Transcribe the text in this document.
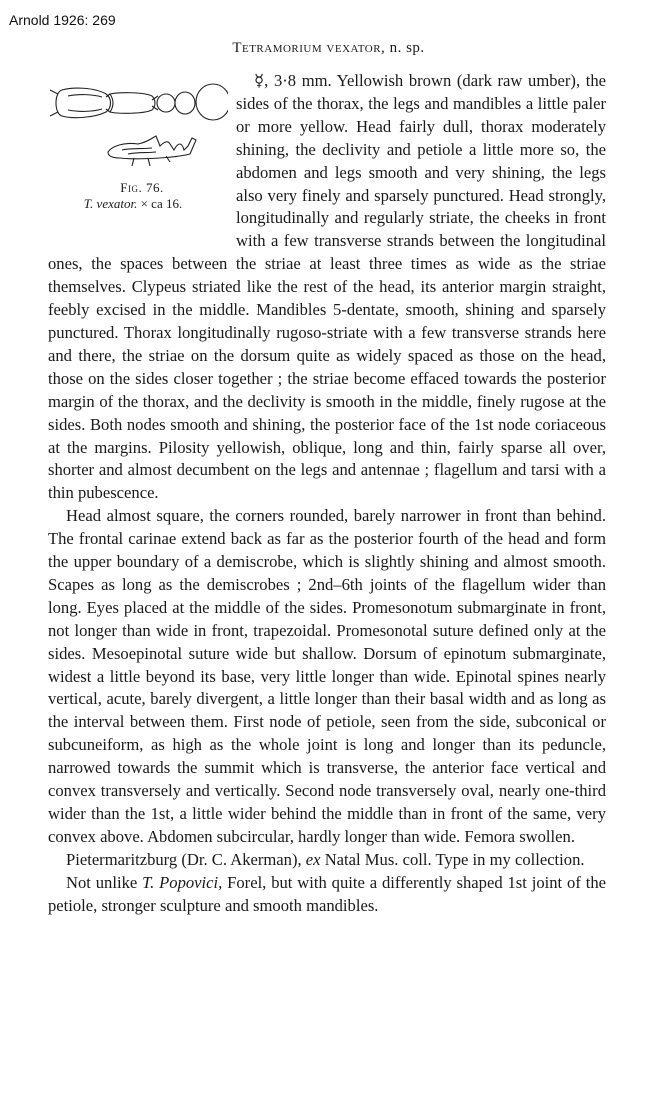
Arnold 1926: 269
Tetramorium vexator, n. sp.

Fig. 76.
T. vexator. × ca 16.
☿, 3·8 mm. Yellowish brown (dark raw umber), the sides of the thorax, the legs and mandibles a little paler or more yellow. Head fairly dull, thorax moderately shining, the declivity and petiole a little more so, the abdomen and legs smooth and very shining, the legs also very finely and sparsely punctured. Head strongly, longitudinally and regularly striate, the cheeks in front with a few transverse strands between the longitudinal ones, the spaces between the striae at least three times as wide as the striae themselves. Clypeus striated like the rest of the head, its anterior margin straight, feebly excised in the middle. Mandibles 5-dentate, smooth, shining and sparsely punctured. Thorax longitudinally rugoso-striate with a few transverse strands here and there, the striae on the dorsum quite as widely spaced as those on the head, those on the sides closer together ; the striae become effaced towards the posterior margin of the thorax, and the declivity is smooth in the middle, finely rugose at the sides. Both nodes smooth and shining, the posterior face of the 1st node coriaceous at the margins. Pilosity yellowish, oblique, long and thin, fairly sparse all over, shorter and almost decumbent on the legs and antennae ; flagellum and tarsi with a thin pubescence.

Head almost square, the corners rounded, barely narrower in front than behind. The frontal carinae extend back as far as the posterior fourth of the head and form the upper boundary of a demiscrobe, which is slightly shining and almost smooth. Scapes as long as the demiscrobes ; 2nd–6th joints of the flagellum wider than long. Eyes placed at the middle of the sides. Promesonotum submarginate in front, not longer than wide in front, trapezoidal. Promesonotal suture defined only at the sides. Mesoepinotal suture wide but shallow. Dorsum of epinotum submarginate, widest a little beyond its base, very little longer than wide. Epinotal spines nearly vertical, acute, barely divergent, a little longer than their basal width and as long as the interval between them. First node of petiole, seen from the side, subconical or subcuneiform, as high as the whole joint is long and longer than its peduncle, narrowed towards the summit which is transverse, the anterior face vertical and convex transversely and vertically. Second node transversely oval, nearly one-third wider than the 1st, a little wider behind the middle than in front of the same, very convex above. Abdomen subcircular, hardly longer than wide. Femora swollen.

Pietermaritzburg (Dr. C. Akerman), ex Natal Mus. coll. Type in my collection.

Not unlike T. Popovici, Forel, but with quite a differently shaped 1st joint of the petiole, stronger sculpture and smooth mandibles.
